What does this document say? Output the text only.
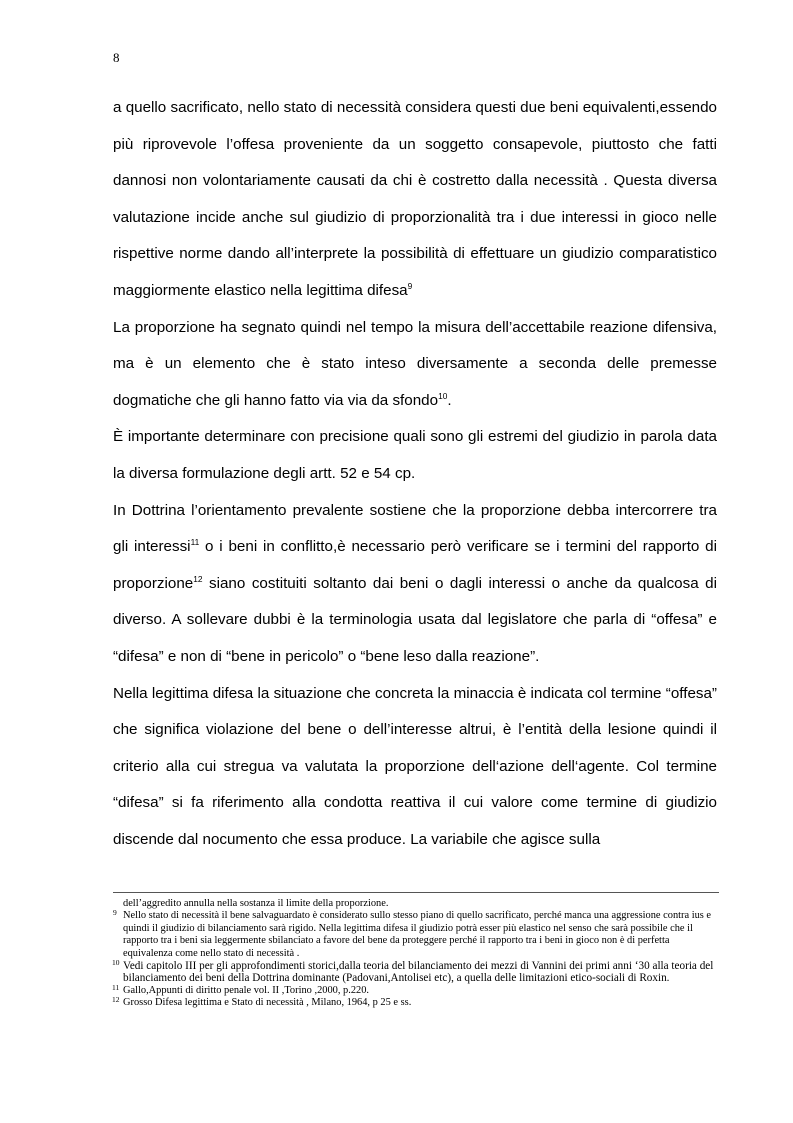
8

a quello sacrificato, nello stato di necessità considera questi due beni equivalenti,essendo più riprovevole l’offesa proveniente da un soggetto consapevole, piuttosto che fatti dannosi non volontariamente causati da chi è costretto dalla necessità . Questa diversa valutazione incide anche sul giudizio di proporzionalità tra i due interessi in gioco nelle rispettive norme dando all’interprete la possibilità di effettuare un giudizio comparatistico maggiormente elastico nella legittima difesa$^9$

La proporzione ha segnato quindi nel tempo la misura dell’accettabile reazione difensiva, ma è un elemento che è stato inteso diversamente a seconda delle premesse dogmatiche che gli hanno fatto via via da sfondo$^{10}$.

È importante determinare con precisione quali sono gli estremi del giudizio in parola data la diversa formulazione degli artt. 52 e 54 cp.

In Dottrina l’orientamento prevalente sostiene che la proporzione debba intercorrere tra gli interessi$^{11}$ o i beni in conflitto,è necessario però verificare se i termini del rapporto di proporzione$^{12}$ siano costituiti soltanto dai beni o dagli interessi o anche da qualcosa di diverso. A sollevare dubbi è la terminologia usata dal legislatore che parla di “offesa” e “difesa” e non di “bene in pericolo” o “bene leso dalla reazione”.

Nella legittima difesa la situazione che concreta la minaccia è indicata col termine “offesa” che significa violazione del bene o dell’interesse altrui, è l’entità della lesione quindi il criterio alla cui stregua va valutata la proporzione dell‘azione dell‘agente. Col termine “difesa” si fa riferimento alla condotta reattiva il cui valore come termine di giudizio discende dal nocumento che essa produce. La variabile che agisce sulla

dell’aggredito annulla nella sostanza il limite della proporzione.

9 Nello stato di necessità il bene salvaguardato è considerato sullo stesso piano di quello sacrificato, perché manca una aggressione contra ius e quindi il giudizio di bilanciamento sarà rigido. Nella legittima difesa il giudizio potrà esser più elastico nel senso che sarà possibile che il rapporto tra i beni sia leggermente sbilanciato a favore del bene da proteggere perché il rapporto tra i beni in gioco non è di perfetta equivalenza come nello stato di necessità .

10 Vedi capitolo III per gli approfondimenti storici,dalla teoria del bilanciamento dei mezzi di Vannini dei primi anni ‘30 alla teoria del bilanciamento dei beni della Dottrina dominante (Padovani,Antolisei etc), a quella delle limitazioni etico-sociali di Roxin.

11 Gallo,Appunti di diritto penale vol. II ,Torino ,2000, p.220.

12 Grosso Difesa legittima e Stato di necessità , Milano, 1964, p 25 e ss.
